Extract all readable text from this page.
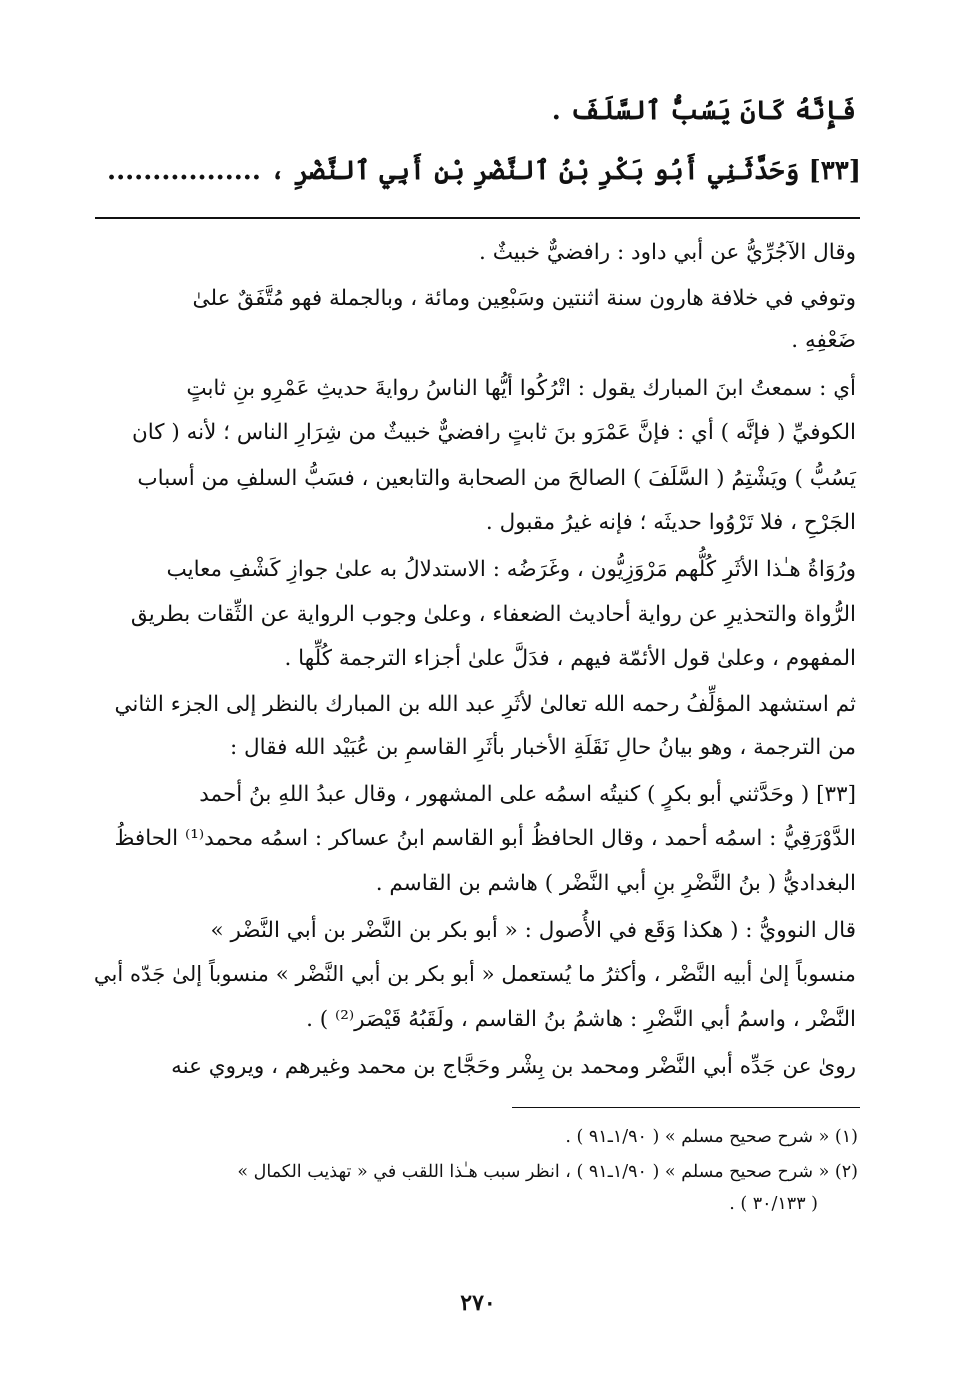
فَإِنَّهُ كَانَ يَسُبُّ ٱلسَّلَفَ .
[٣٣] وَحَدَّثَنِي أَبُو بَكْرِ بْنُ ٱلنَّضْرِ بْنِ أَبِي ٱلنَّضْرِ ، .................
وقال الآجُرِّيُّ عن أبي داود : رافضيٌّ خبيثٌ .
وتوفي في خلافة هارون سنة اثنتين وسَبْعِين ومائة ، وبالجملة فهو مُتَّفَقٌ علىٰ
ضَعْفِهِ .
أي : سمعتُ ابنَ المبارك يقول : اتْرُكُوا أيُّها الناسُ روايةَ حديثِ عَمْرِو بنِ ثابتٍ
الكوفيِّ ( فإنَّه ) أي : فإنَّ عَمْرَو بنَ ثابتٍ رافضيٌّ خبيثٌ من شِرَارِ الناس ؛ لأنه ( كان
يَسُبُّ ) ويَشْتِمُ ( السَّلَفَ ) الصالحَ من الصحابة والتابعين ، فسَبُّ السلفِ من أسباب
الجَرْحِ ، فلا تَرْوُوا حديثَه ؛ فإنه غيرُ مقبول .
ورُوَاةُ هـٰذا الأثَرِ كُلُّهم مَرْوَزِيُّون ، وغَرَضُه : الاستدلالُ به علىٰ جوازِ كَشْفِ معايب
الرُّواة والتحذيرِ عن رواية أحاديث الضعفاء ، وعلىٰ وجوب الرواية عن الثِّقات بطريق
المفهوم ، وعلىٰ قول الأئمّة فيهم ، فدَلَّ علىٰ أجزاء الترجمة كُلِّها .
ثم استشهد المؤلِّفُ رحمه الله تعالىٰ لأثَرِ عبد الله بن المبارك بالنظر إلى الجزء الثاني
من الترجمة ، وهو بيانُ حالِ نَقَلَةِ الأخبار بأثَرِ القاسمِ بن عُبَيْد الله فقال :
[٣٣] ( وحَدَّثني أبو بكرٍ ) كنيتُه اسمُه على المشهور ، وقال عبدُ اللهِ بنُ أحمد
الدَّوْرَقِيُّ : اسمُه أحمد ، وقال الحافظُ أبو القاسم ابنُ عساكر : اسمُه محمد⁽¹⁾ الحافظُ
البغداديُّ ( بنُ النَّضْرِ بنِ أبي النَّضْر ) هاشم بن القاسم .
قال النوويُّ : ( هكذا وَقَع في الأُصول : « أبو بكر بن النَّضْر بن أبي النَّضْر »
منسوباً إلىٰ أبيه النَّضْر ، وأكثرُ ما يُستعمل « أبو بكر بن أبي النَّضْر » منسوباً إلىٰ جَدّه أبي
النَّضْر ، واسمُ أبي النَّضْرِ : هاشمُ بنُ القاسم ، ولَقَبُهُ قَيْصَر⁽²⁾ ) .
روىٰ عن جَدِّه أبي النَّضْر ومحمد بن بِشْر وحَجَّاج بن محمد وغيرهم ، ويروي عنه
(١) « شرح صحيح مسلم » ( ١/٩٠ـ٩١ ) .
(٢) « شرح صحيح مسلم » ( ١/٩٠ـ٩١ ) ، انظر سبب هـٰذا اللقب في « تهذيب الكمال »
( ٣٠/١٣٣ ) .
٢٧٠
